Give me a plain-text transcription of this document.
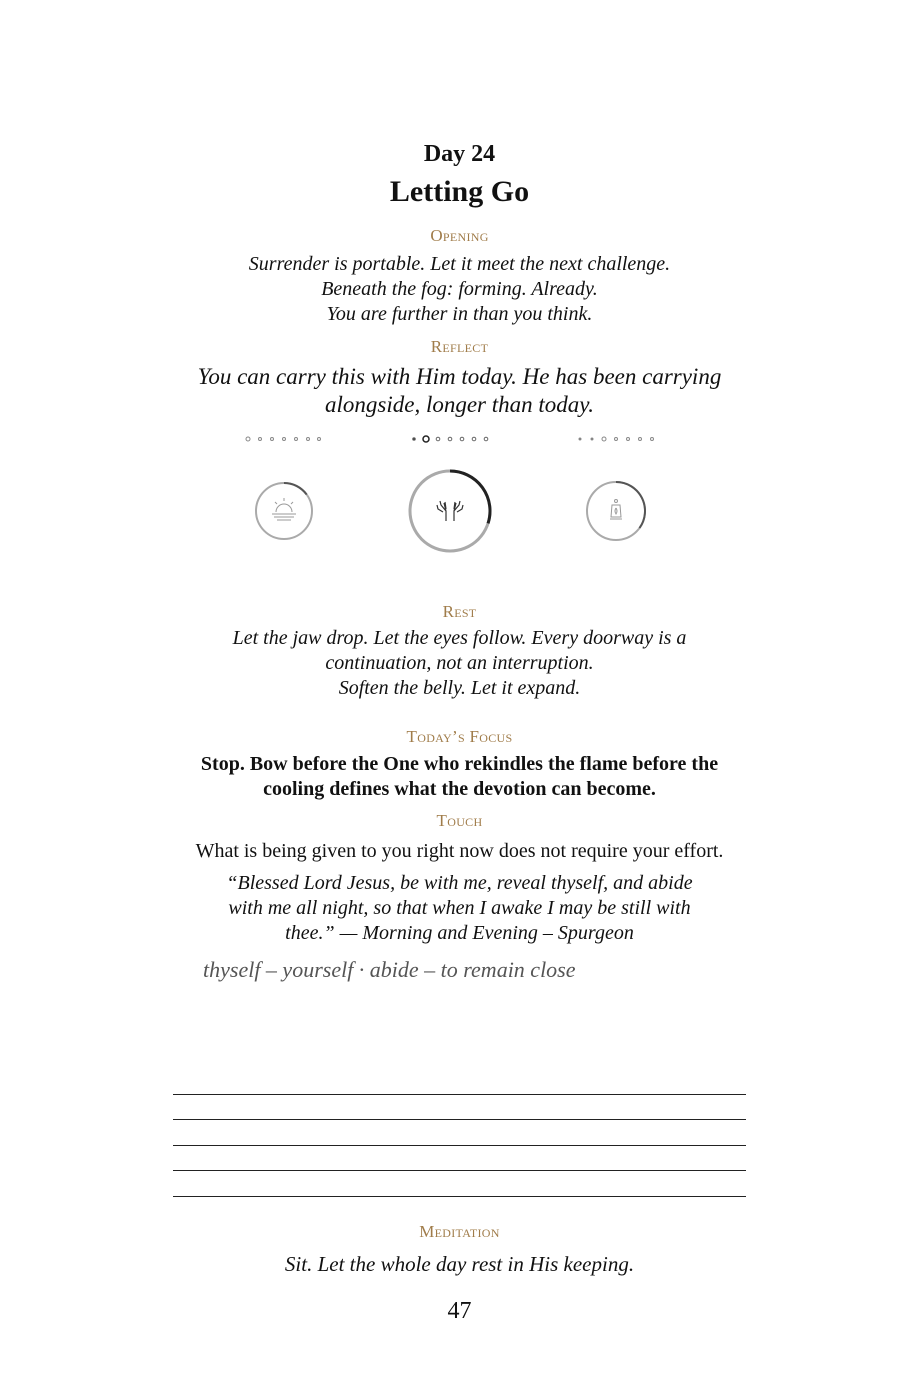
Day 24
Letting Go
Opening
Surrender is portable. Let it meet the next challenge.
Beneath the fog: forming. Already.
You are further in than you think.
Reflect
You can carry this with Him today. He has been carrying
alongside, longer than today.
Rest
Let the jaw drop. Let the eyes follow. Every doorway is a
continuation, not an interruption.
Soften the belly. Let it expand.
Today’s Focus
Stop. Bow before the One who rekindles the flame before the
cooling defines what the devotion can become.
Touch
What is being given to you right now does not require your effort.
“Blessed Lord Jesus, be with me, reveal thyself, and abide
with me all night, so that when I awake I may be still with
thee.” — Morning and Evening – Spurgeon
thyself – yourself · abide – to remain close
Meditation
Sit. Let the whole day rest in His keeping.
47
